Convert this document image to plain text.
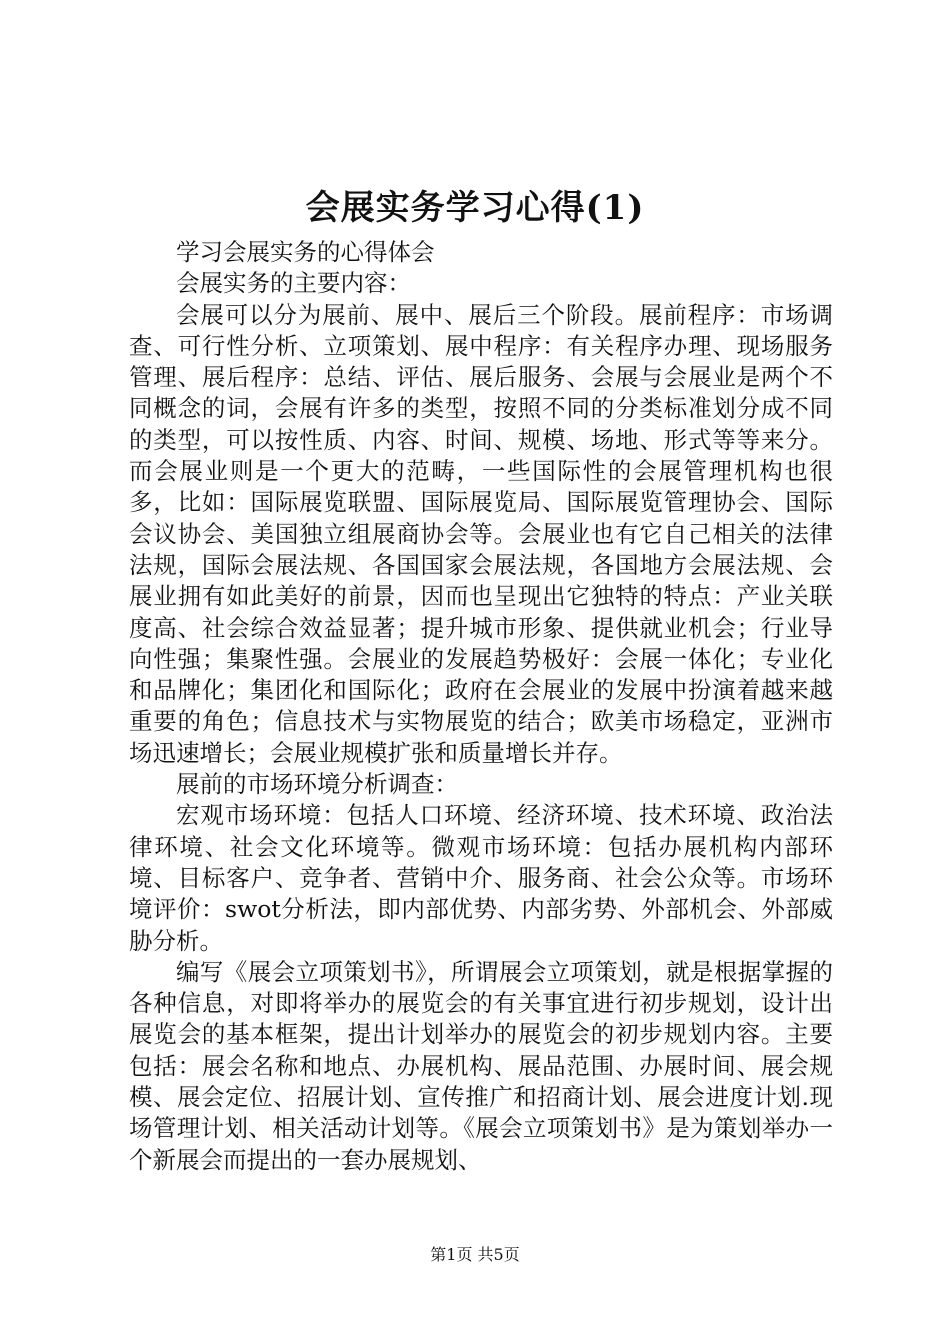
会展实务学习心得(1)

学习会展实务的心得体会

会展实务的主要内容：

会展可以分为展前、展中、展后三个阶段。展前程序：市场调查、可行性分析、立项策划、展中程序：有关程序办理、现场服务管理、展后程序：总结、评估、展后服务、会展与会展业是两个不同概念的词，会展有许多的类型，按照不同的分类标准划分成不同的类型，可以按性质、内容、时间、规模、场地、形式等等来分。而会展业则是一个更大的范畴，一些国际性的会展管理机构也很多，比如：国际展览联盟、国际展览局、国际展览管理协会、国际会议协会、美国独立组展商协会等。会展业也有它自己相关的法律法规，国际会展法规、各国国家会展法规，各国地方会展法规、会展业拥有如此美好的前景，因而也呈现出它独特的特点：产业关联度高、社会综合效益显著；提升城市形象、提供就业机会；行业导向性强；集聚性强。会展业的发展趋势极好：会展一体化；专业化和品牌化；集团化和国际化；政府在会展业的发展中扮演着越来越重要的角色；信息技术与实物展览的结合；欧美市场稳定，亚洲市场迅速增长；会展业规模扩张和质量增长并存。

展前的市场环境分析调查：

宏观市场环境：包括人口环境、经济环境、技术环境、政治法律环境、社会文化环境等。微观市场环境：包括办展机构内部环境、目标客户、竞争者、营销中介、服务商、社会公众等。市场环境评价：swot分析法，即内部优势、内部劣势、外部机会、外部威胁分析。

编写《展会立项策划书》，所谓展会立项策划，就是根据掌握的各种信息，对即将举办的展览会的有关事宜进行初步规划，设计出展览会的基本框架，提出计划举办的展览会的初步规划内容。主要包括：展会名称和地点、办展机构、展品范围、办展时间、展会规模、展会定位、招展计划、宣传推广和招商计划、展会进度计划.现场管理计划、相关活动计划等。《展会立项策划书》是为策划举办一个新展会而提出的一套办展规划、

第1页 共5页
